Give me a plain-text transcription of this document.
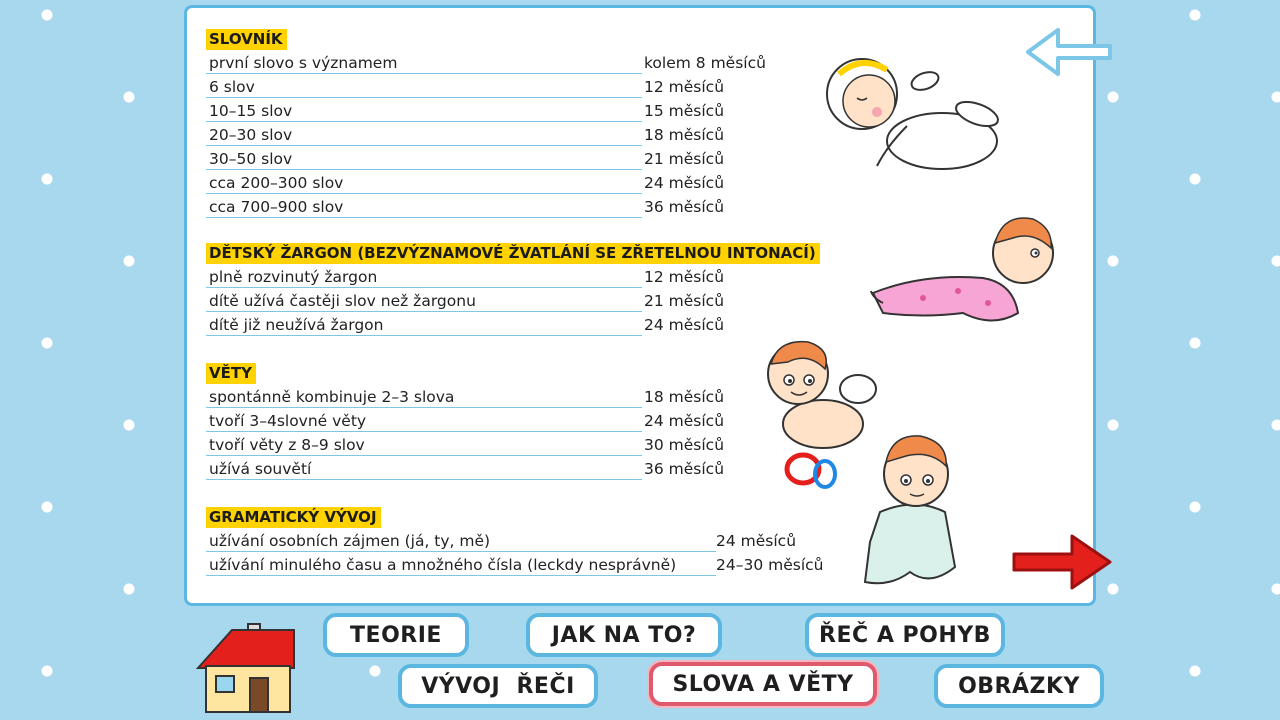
SLOVNÍK
první slovo s významem	kolem 8 měsíců
6 slov	12 měsíců
10–15 slov	15 měsíců
20–30 slov	18 měsíců
30–50 slov	21 měsíců
cca 200–300 slov	24 měsíců
cca 700–900 slov	36 měsíců
DĚTSKÝ ŽARGON (BEZVÝZNAMOVÉ ŽVATLÁNÍ SE ZŘETELNOU INTONACÍ)
plně rozvinutý žargon	12 měsíců
dítě užívá častěji slov než žargonu	21 měsíců
dítě již neužívá žargon	24 měsíců
VĚTY
spontánně kombinuje 2–3 slova	18 měsíců
tvoří 3–4slovné věty	24 měsíců
tvoří věty z 8–9 slov	30 měsíců
užívá souvětí	36 měsíců
GRAMATICKÝ VÝVOJ
užívání osobních zájmen (já, ty, mě)	24 měsíců
užívání minulého času a množného čísla (leckdy nesprávně)	24–30 měsíců
TEORIE	JAK NA TO?	ŘEČ A POHYB
VÝVOJ  ŘEČI	SLOVA A VĚTY	OBRÁZKY
